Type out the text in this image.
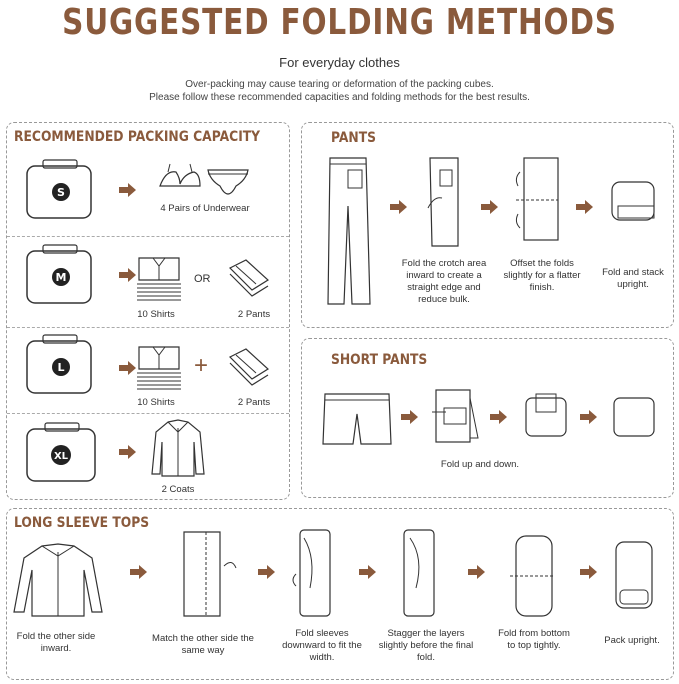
SUGGESTED FOLDING METHODS
For everyday clothes
Over-packing may cause tearing or deformation of the packing cubes.
Please follow these recommended capacities and folding methods for the best results.
RECOMMENDED PACKING CAPACITY
S
4 Pairs of Underwear
M	OR
10 Shirts	2 Pants
L	+
10 Shirts	2 Pants
XL
2 Coats
PANTS
Fold the crotch area inward to create a straight edge and reduce bulk.
Offset the folds slightly for a flatter finish.
Fold and stack upright.
SHORT PANTS
Fold up and down.
LONG SLEEVE TOPS
Fold the other side inward.
Match the other side the same way
Fold sleeves downward to fit the width.
Stagger the layers slightly before the final fold.
Fold from bottom to top tightly.	Pack upright.
